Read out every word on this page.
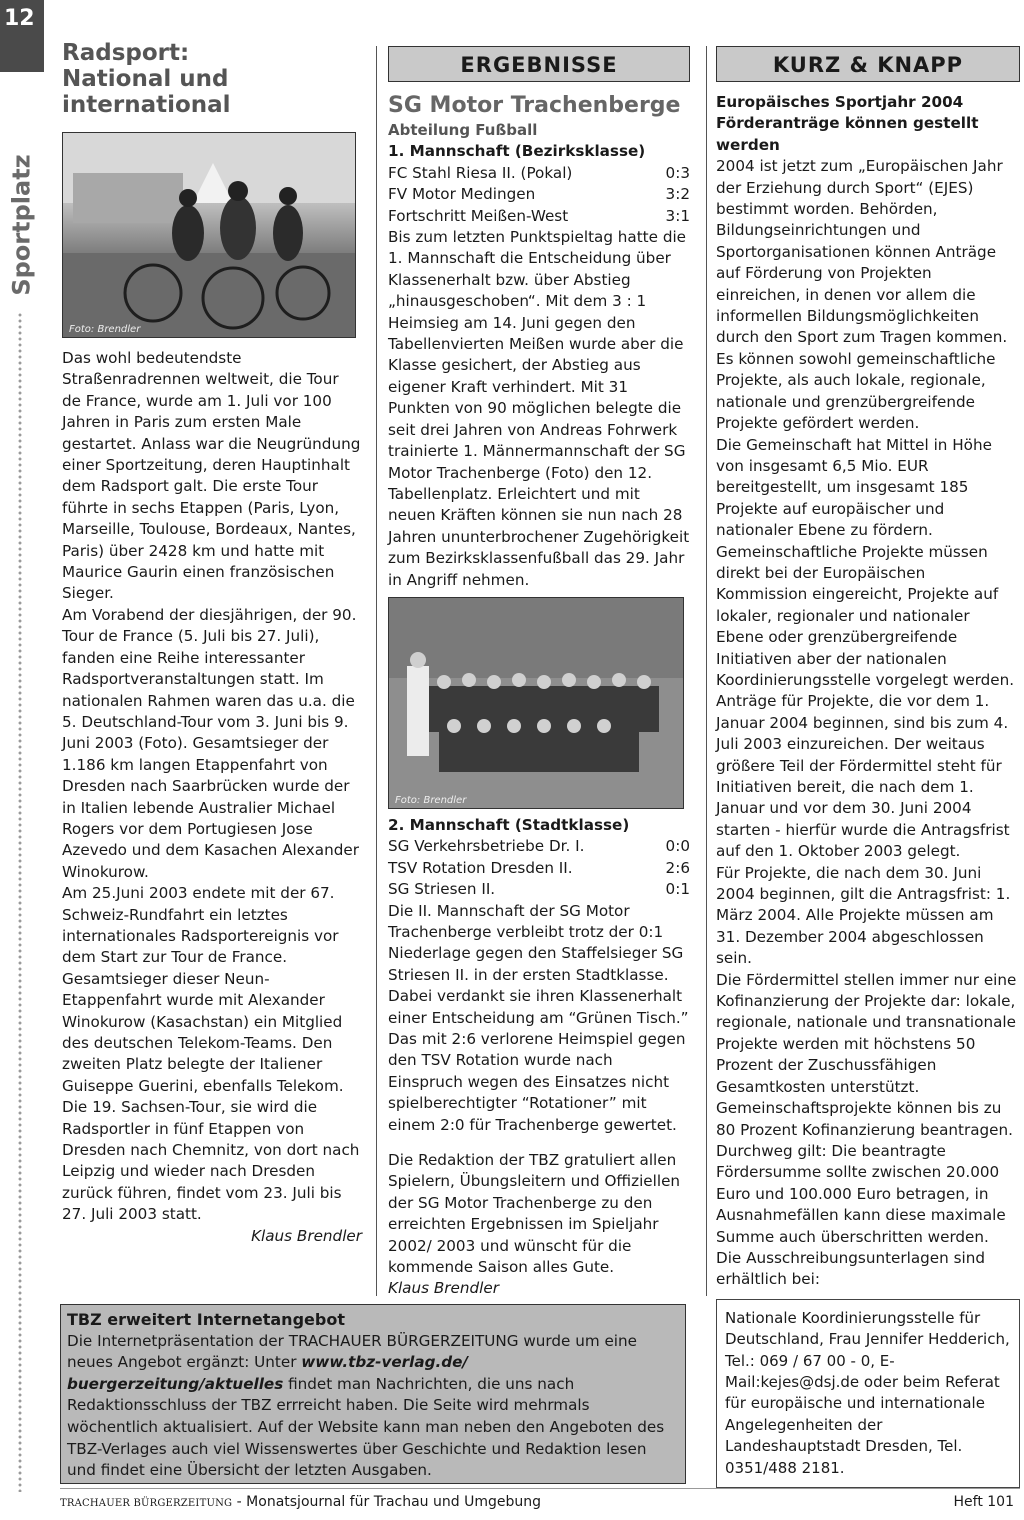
12
Sportplatz
Radsport:
National und international
Foto: Brendler

Das wohl bedeutendste Straßenradrennen weltweit, die Tour de France, wurde am 1. Juli vor 100 Jahren in Paris zum ersten Male gestartet. Anlass war die Neugründung einer Sportzeitung, deren Hauptinhalt dem Radsport galt. Die erste Tour führte in sechs Etappen (Paris, Lyon, Marseille, Toulouse, Bordeaux, Nantes, Paris) über 2428 km und hatte mit Maurice Gaurin einen französischen Sieger.

Am Vorabend der diesjährigen, der 90. Tour de France (5. Juli bis 27. Juli), fanden eine Reihe interessanter Radsportveranstaltungen statt. Im nationalen Rahmen waren das u.a. die 5. Deutschland-Tour vom 3. Juni bis 9. Juni 2003 (Foto). Gesamtsieger der 1.186 km langen Etappenfahrt von Dresden nach Saarbrücken wurde der in Italien lebende Australier Michael Rogers vor dem Portugiesen Jose Azevedo und dem Kasachen Alexander Winokurow.

Am 25.Juni 2003 endete mit der 67. Schweiz-Rundfahrt ein letztes internationales Radsportereignis vor dem Start zur Tour de France. Gesamtsieger dieser Neun-Etappenfahrt wurde mit Alexander Winokurow (Kasachstan) ein Mitglied des deutschen Telekom-Teams. Den zweiten Platz belegte der Italiener Guiseppe Guerini, ebenfalls Telekom.

Die 19. Sachsen-Tour, sie wird die Radsportler in fünf Etappen von Dresden nach Chemnitz, von dort nach Leipzig und wieder nach Dresden zurück führen, findet vom 23. Juli bis 27. Juli 2003 statt.

Klaus Brendler

ERGEBNISSE
SG Motor Trachenberge
Abteilung Fußball
1. Mannschaft (Bezirksklasse)
FC Stahl Riesa II. (Pokal)	0:3
FV Motor Medingen	3:2
Fortschritt Meißen-West	3:1

Bis zum letzten Punktspieltag hatte die 1. Mannschaft die Entscheidung über Klassenerhalt bzw. über Abstieg „hinausgeschoben“. Mit dem 3 : 1 Heimsieg am 14. Juni gegen den Tabellenvierten Meißen wurde aber die Klasse gesichert, der Abstieg aus eigener Kraft verhindert. Mit 31 Punkten von 90 möglichen belegte die seit drei Jahren von Andreas Fohrwerk trainierte 1. Männermannschaft der SG Motor Trachenberge (Foto) den 12. Tabellenplatz. Erleichtert und mit neuen Kräften können sie nun nach 28 Jahren ununterbrochener Zugehörigkeit zum Bezirksklassenfußball das 29. Jahr in Angriff nehmen.

Foto: Brendler
2. Mannschaft (Stadtklasse)
SG Verkehrsbetriebe Dr. I.	0:0
TSV Rotation Dresden II.	2:6
SG Striesen II.	0:1

Die II. Mannschaft der SG Motor Trachenberge verbleibt trotz der 0:1 Niederlage gegen den Staffelsieger SG Striesen II. in der ersten Stadtklasse. Dabei verdankt sie ihren Klassenerhalt einer Entscheidung am “Grünen Tisch.” Das mit 2:6 verlorene Heimspiel gegen den TSV Rotation wurde nach Einspruch wegen des Einsatzes nicht spielberechtigter “Rotationer” mit einem 2:0 für Trachenberge gewertet.

Die Redaktion der TBZ gratuliert allen Spielern, Übungsleitern und Offiziellen der SG Motor Trachenberge zu den erreichten Ergebnissen im Spieljahr 2002/ 2003 und wünscht für die kommende Saison alles Gute.

Klaus Brendler

KURZ & KNAPP
Europäisches Sportjahr 2004 Förderanträge können gestellt werden

2004 ist jetzt zum „Europäischen Jahr der Erziehung durch Sport“ (EJES) bestimmt worden. Behörden, Bildungseinrichtungen und Sportorganisationen können Anträge auf Förderung von Projekten einreichen, in denen vor allem die informellen Bildungsmöglichkeiten durch den Sport zum Tragen kommen. Es können sowohl gemeinschaftliche Projekte, als auch lokale, regionale, nationale und grenzübergreifende Projekte gefördert werden.

Die Gemeinschaft hat Mittel in Höhe von insgesamt 6,5 Mio. EUR bereitgestellt, um insgesamt 185 Projekte auf europäischer und nationaler Ebene zu fördern. Gemeinschaftliche Projekte müssen direkt bei der Europäischen Kommission eingereicht, Projekte auf lokaler, regionaler und nationaler Ebene oder grenzübergreifende Initiativen aber der nationalen Koordinierungsstelle vorgelegt werden.

Anträge für Projekte, die vor dem 1. Januar 2004 beginnen, sind bis zum 4. Juli 2003 einzureichen. Der weitaus größere Teil der Fördermittel steht für Initiativen bereit, die nach dem 1. Januar und vor dem 30. Juni 2004 starten - hierfür wurde die Antragsfrist auf den 1. Oktober 2003 gelegt.

Für Projekte, die nach dem 30. Juni 2004 beginnen, gilt die Antragsfrist: 1. März 2004. Alle Projekte müssen am 31. Dezember 2004 abgeschlossen sein.

Die Fördermittel stellen immer nur eine Kofinanzierung der Projekte dar: lokale, regionale, nationale und transnationale Projekte werden mit höchstens 50 Prozent der Zuschussfähigen Gesamtkosten unterstützt.

Gemeinschaftsprojekte können bis zu 80 Prozent Kofinanzierung beantragen.

Durchweg gilt: Die beantragte Fördersumme sollte zwischen 20.000 Euro und 100.000 Euro betragen, in Ausnahmefällen kann diese maximale Summe auch überschritten werden.

Die Ausschreibungsunterlagen sind erhältlich bei:

Nationale Koordinierungsstelle für Deutschland, Frau Jennifer Hedderich, Tel.: 069 / 67 00 - 0, E-Mail:kejes@dsj.de oder beim Referat für europäische und internationale Angelegenheiten der Landeshauptstadt Dresden, Tel. 0351/488 2181.
TBZ erweitert Internetangebot
Die Internetpräsentation der TRACHAUER BÜRGERZEITUNG wurde um eine neues Angebot ergänzt: Unter www.tbz-verlag.de/ buergerzeitung/aktuelles findet man Nachrichten, die uns nach Redaktionsschluss der TBZ errreicht haben. Die Seite wird mehrmals wöchentlich aktualisiert. Auf der Website kann man neben den Angeboten des TBZ-Verlages auch viel Wissenswertes über Geschichte und Redaktion lesen und findet eine Übersicht der letzten Ausgaben.
TRACHAUER BÜRGERZEITUNG - Monatsjournal für Trachau und Umgebung	Heft 101
